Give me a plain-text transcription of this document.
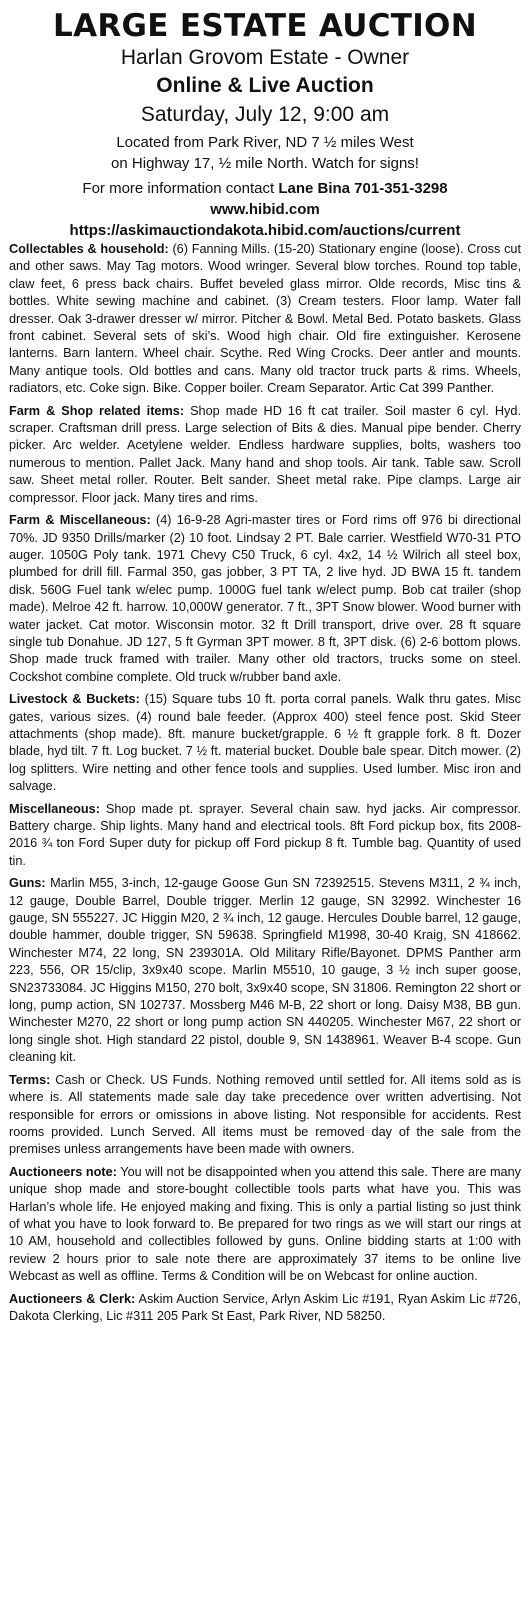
LARGE ESTATE AUCTION
Harlan Grovom Estate - Owner
Online & Live Auction
Saturday, July 12, 9:00 am
Located from Park River, ND 7 ½ miles West
on Highway 17, ½ mile North. Watch for signs!
For more information contact Lane Bina 701-351-3298
www.hibid.com
https://askimauctiondakota.hibid.com/auctions/current

Collectables & household: (6) Fanning Mills. (15-20) Stationary engine (loose). Cross cut and other saws. May Tag motors. Wood wringer. Several blow torches. Round top table, claw feet, 6 press back chairs. Buffet beveled glass mirror. Olde records, Misc tins & bottles. White sewing machine and cabinet. (3) Cream testers. Floor lamp. Water fall dresser. Oak 3-drawer dresser w/ mirror. Pitcher & Bowl. Metal Bed. Potato baskets. Glass front cabinet. Several sets of ski’s. Wood high chair. Old fire extinguisher. Kerosene lanterns. Barn lantern. Wheel chair. Scythe. Red Wing Crocks. Deer antler and mounts. Many antique tools. Old bottles and cans. Many old tractor truck parts & rims. Wheels, radiators, etc. Coke sign. Bike. Copper boiler. Cream Separator. Artic Cat 399 Panther.

Farm & Shop related items: Shop made HD 16 ft cat trailer. Soil master 6 cyl. Hyd. scraper. Craftsman drill press. Large selection of Bits & dies. Manual pipe bender. Cherry picker. Arc welder. Acetylene welder. Endless hardware supplies, bolts, washers too numerous to mention. Pallet Jack. Many hand and shop tools. Air tank. Table saw. Scroll saw. Sheet metal roller. Router. Belt sander. Sheet metal rake. Pipe clamps. Large air compressor. Floor jack. Many tires and rims.

Farm & Miscellaneous: (4) 16-9-28 Agri-master tires or Ford rims off 976 bi directional 70%. JD 9350 Drills/marker (2) 10 foot. Lindsay 2 PT. Bale carrier. Westfield W70-31 PTO auger. 1050G Poly tank. 1971 Chevy C50 Truck, 6 cyl. 4x2, 14 ½ Wilrich all steel box, plumbed for drill fill. Farmal 350, gas jobber, 3 PT TA, 2 live hyd. JD BWA 15 ft. tandem disk. 560G Fuel tank w/elec pump. 1000G fuel tank w/elect pump. Bob cat trailer (shop made). Melroe 42 ft. harrow. 10,000W generator. 7 ft., 3PT Snow blower. Wood burner with water jacket. Cat motor. Wisconsin motor. 32 ft Drill transport, drive over. 28 ft square single tub Donahue. JD 127, 5 ft Gyrman 3PT mower. 8 ft, 3PT disk. (6) 2-6 bottom plows. Shop made truck framed with trailer. Many other old tractors, trucks some on steel. Cockshot combine complete. Old truck w/rubber band axle.

Livestock & Buckets: (15) Square tubs 10 ft. porta corral panels. Walk thru gates. Misc gates, various sizes. (4) round bale feeder. (Approx 400) steel fence post. Skid Steer attachments (shop made). 8ft. manure bucket/grapple. 6 ½ ft grapple fork. 8 ft. Dozer blade, hyd tilt. 7 ft. Log bucket. 7 ½ ft. material bucket. Double bale spear. Ditch mower. (2) log splitters. Wire netting and other fence tools and supplies. Used lumber. Misc iron and salvage.

Miscellaneous: Shop made pt. sprayer. Several chain saw. hyd jacks. Air compressor. Battery charge. Ship lights. Many hand and electrical tools. 8ft Ford pickup box, fits 2008-2016 ¾ ton Ford Super duty for pickup off Ford pickup 8 ft. Tumble bag. Quantity of used tin.

Guns: Marlin M55, 3-inch, 12-gauge Goose Gun SN 72392515. Stevens M311, 2 ¾ inch, 12 gauge, Double Barrel, Double trigger. Merlin 12 gauge, SN 32992. Winchester 16 gauge, SN 555227. JC Higgin M20, 2 ¾ inch, 12 gauge. Hercules Double barrel, 12 gauge, double hammer, double trigger, SN 59638. Springfield M1998, 30-40 Kraig, SN 418662. Winchester M74, 22 long, SN 239301A. Old Military Rifle/Bayonet. DPMS Panther arm 223, 556, OR 15/clip, 3x9x40 scope. Marlin M5510, 10 gauge, 3 ½ inch super goose, SN23733084. JC Higgins M150, 270 bolt, 3x9x40 scope, SN 31806. Remington 22 short or long, pump action, SN 102737. Mossberg M46 M-B, 22 short or long. Daisy M38, BB gun. Winchester M270, 22 short or long pump action SN 440205. Winchester M67, 22 short or long single shot. High standard 22 pistol, double 9, SN 1438961. Weaver B-4 scope. Gun cleaning kit.

Terms: Cash or Check. US Funds. Nothing removed until settled for. All items sold as is where is. All statements made sale day take precedence over written advertising. Not responsible for errors or omissions in above listing. Not responsible for accidents. Rest rooms provided. Lunch Served. All items must be removed day of the sale from the premises unless arrangements have been made with owners.

Auctioneers note: You will not be disappointed when you attend this sale. There are many unique shop made and store-bought collectible tools parts what have you. This was Harlan’s whole life. He enjoyed making and fixing. This is only a partial listing so just think of what you have to look forward to. Be prepared for two rings as we will start our rings at 10 AM, household and collectibles followed by guns. Online bidding starts at 1:00 with review 2 hours prior to sale note there are approximately 37 items to be online live Webcast as well as offline. Terms & Condition will be on Webcast for online auction.

Auctioneers & Clerk: Askim Auction Service, Arlyn Askim Lic #191, Ryan Askim Lic #726, Dakota Clerking, Lic #311 205 Park St East, Park River, ND 58250.
